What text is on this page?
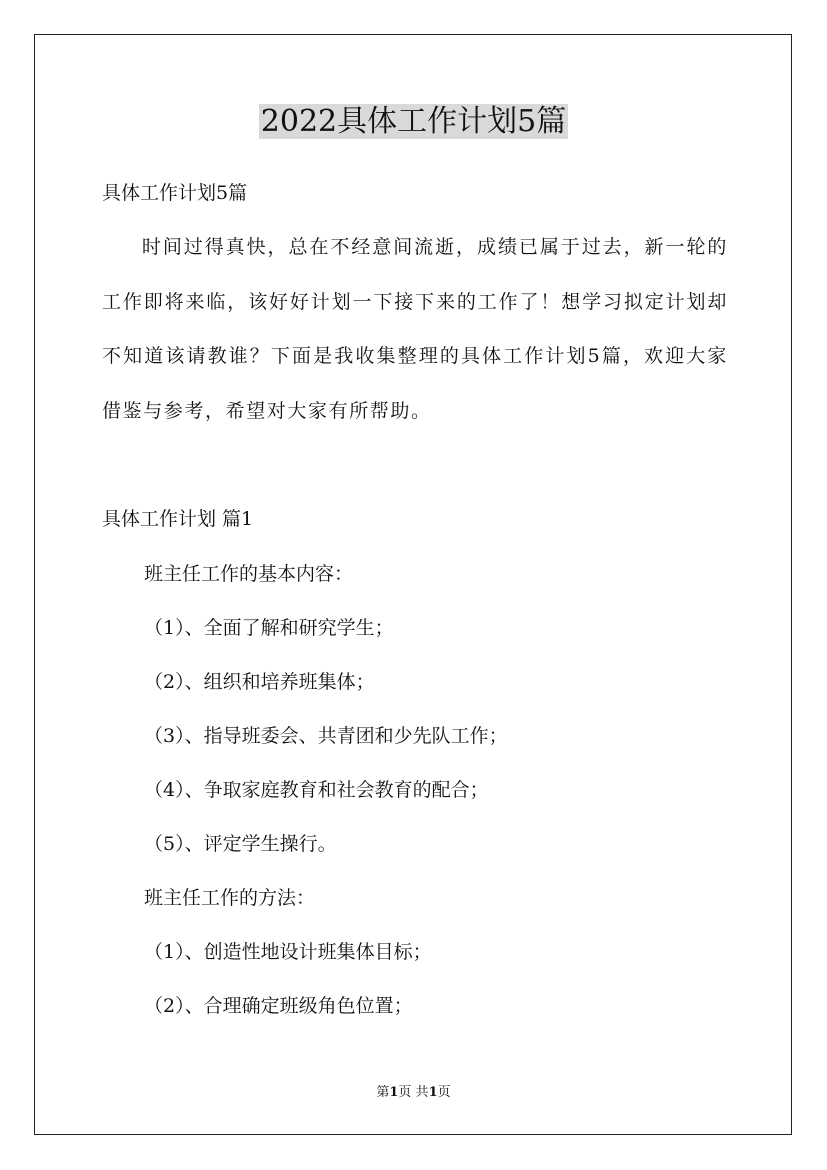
2022具体工作计划5篇
具体工作计划5篇
时间过得真快，总在不经意间流逝，成绩已属于过去，新一轮的工作即将来临，该好好计划一下接下来的工作了！想学习拟定计划却不知道该请教谁？下面是我收集整理的具体工作计划5篇，欢迎大家借鉴与参考，希望对大家有所帮助。
具体工作计划 篇1
班主任工作的基本内容：
（1）、全面了解和研究学生；
（2）、组织和培养班集体；
（3）、指导班委会、共青团和少先队工作；
（4）、争取家庭教育和社会教育的配合；
（5）、评定学生操行。
班主任工作的方法：
（1）、创造性地设计班集体目标；
（2）、合理确定班级角色位置；
第1页 共1页
